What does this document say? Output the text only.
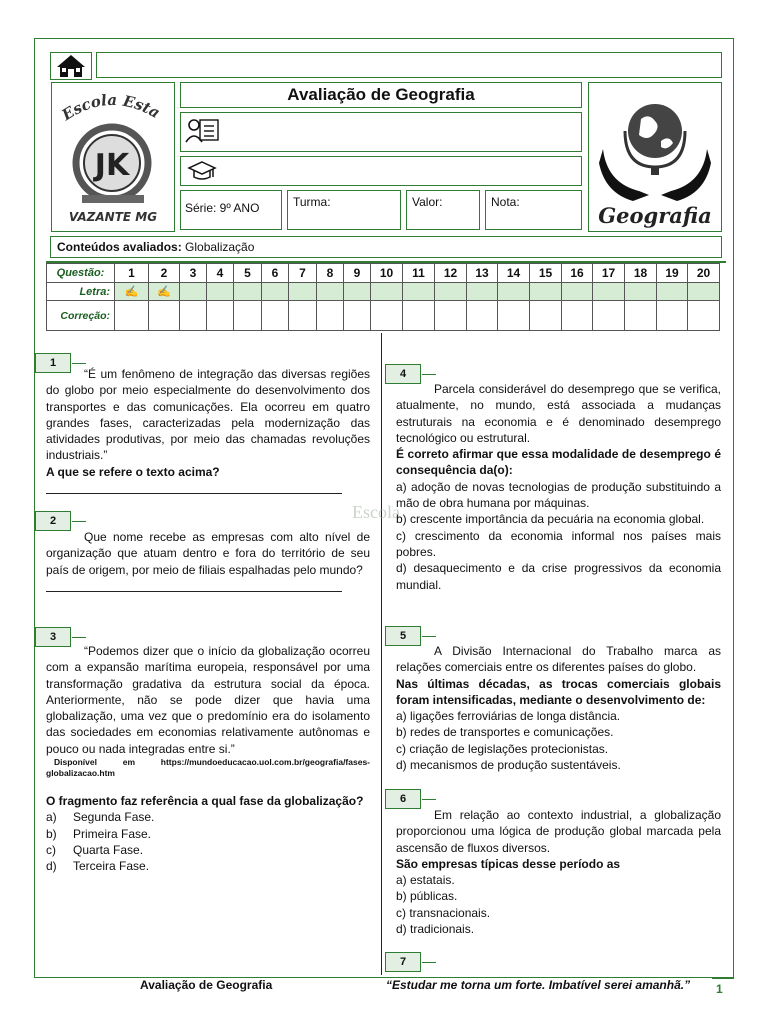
Escola Esta
JK
VAZANTE MG
Avaliação de Geografia
Série: 9º ANO	Turma:	Valor:	Nota:
Geografia
Conteúdos avaliados: Globalização
Questão:	1	2	3	4	5	6	7	8	9	10	11	12	13	14	15	16	17	18	19	20
Letra:	✍	✍																		
Correção:																				
Escola
1

“É um fenômeno de integração das diversas regiões do globo por meio especialmente do desenvolvimento dos transportes e das comunicações. Ela ocorreu em quatro grandes fases, caracterizadas pela modernização das atividades produtivas, por meio das chamadas revoluções industriais.”

A que se refere o texto acima?

2

Que nome recebe as empresas com alto nível de organização que atuam dentro e fora do território de seu país de origem, por meio de filiais espalhadas pelo mundo?

3

“Podemos dizer que o início da globalização ocorreu com a expansão marítima europeia, responsável por uma transformação gradativa da estrutura social da época. Anteriormente, não se pode dizer que havia uma globalização, uma vez que o predomínio era do isolamento das sociedades em economias relativamente autônomas e pouco ou nada integradas entre si.”

Disponível em https://mundoeducacao.uol.com.br/geografia/fases-globalizacao.htm

O fragmento faz referência a qual fase da globalização?

a)	Segunda Fase.
b)	Primeira Fase.
c)	Quarta Fase.
d)	Terceira Fase.
4

Parcela considerável do desemprego que se verifica, atualmente, no mundo, está associada a mudanças estruturais na economia e é denominado desemprego tecnológico ou estrutural.

É correto afirmar que essa modalidade de desemprego é consequência da(o):

a) adoção de novas tecnologias de produção substituindo a mão de obra humana por máquinas.

b) crescente importância da pecuária na economia global.

c) crescimento da economia informal nos países mais pobres.

d) desaquecimento e da crise progressivos da economia mundial.

5

A Divisão Internacional do Trabalho marca as relações comerciais entre os diferentes países do globo.

Nas últimas décadas, as trocas comerciais globais foram intensificadas, mediante o desenvolvimento de:

a) ligações ferroviárias de longa distância.

b) redes de transportes e comunicações.

c) criação de legislações protecionistas.

d) mecanismos de produção sustentáveis.

6

Em relação ao contexto industrial, a globalização proporcionou uma lógica de produção global marcada pela ascensão de fluxos diversos.

São empresas típicas desse período as

a) estatais.

b) públicas.

c) transnacionais.

d) tradicionais.

7
Avaliação de Geografia	“Estudar me torna um forte. Imbatível serei amanhã.” 1
